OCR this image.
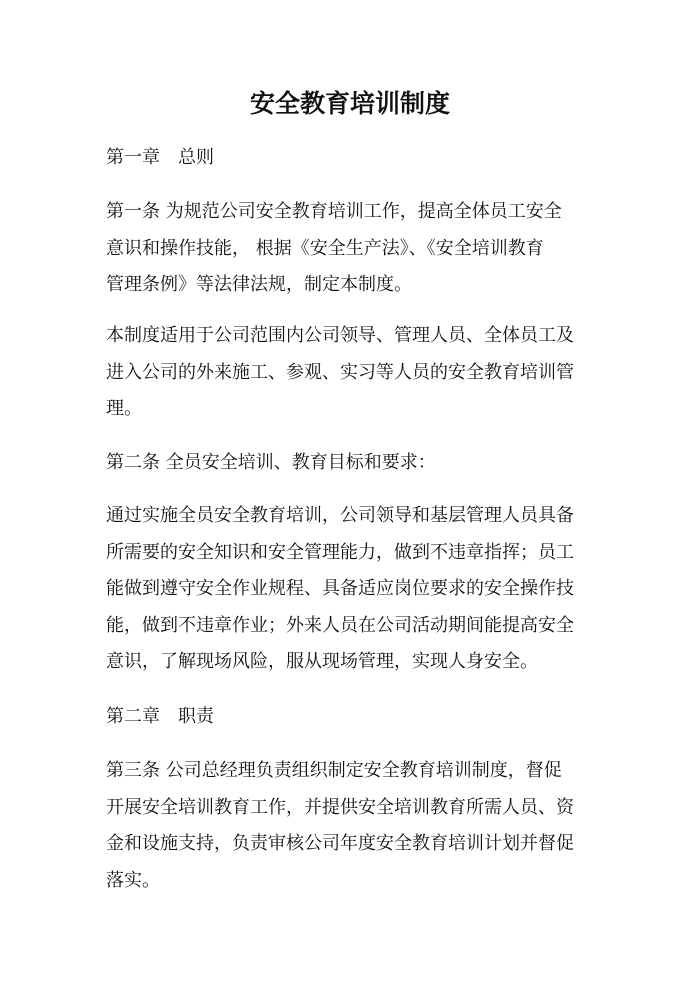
安全教育培训制度

第一章　总则

第一条 为规范公司安全教育培训工作，提高全体员工安全
意识和操作技能， 根据《安全生产法》、《安全培训教育
管理条例》等法律法规，制定本制度。

本制度适用于公司范围内公司领导、管理人员、全体员工及
进入公司的外来施工、参观、实习等人员的安全教育培训管
理。

第二条 全员安全培训、教育目标和要求：

通过实施全员安全教育培训，公司领导和基层管理人员具备
所需要的安全知识和安全管理能力，做到不违章指挥；员工
能做到遵守安全作业规程、具备适应岗位要求的安全操作技
能，做到不违章作业；外来人员在公司活动期间能提高安全
意识，了解现场风险，服从现场管理，实现人身安全。

第二章　职责

第三条 公司总经理负责组织制定安全教育培训制度，督促
开展安全培训教育工作，并提供安全培训教育所需人员、资
金和设施支持，负责审核公司年度安全教育培训计划并督促
落实。
